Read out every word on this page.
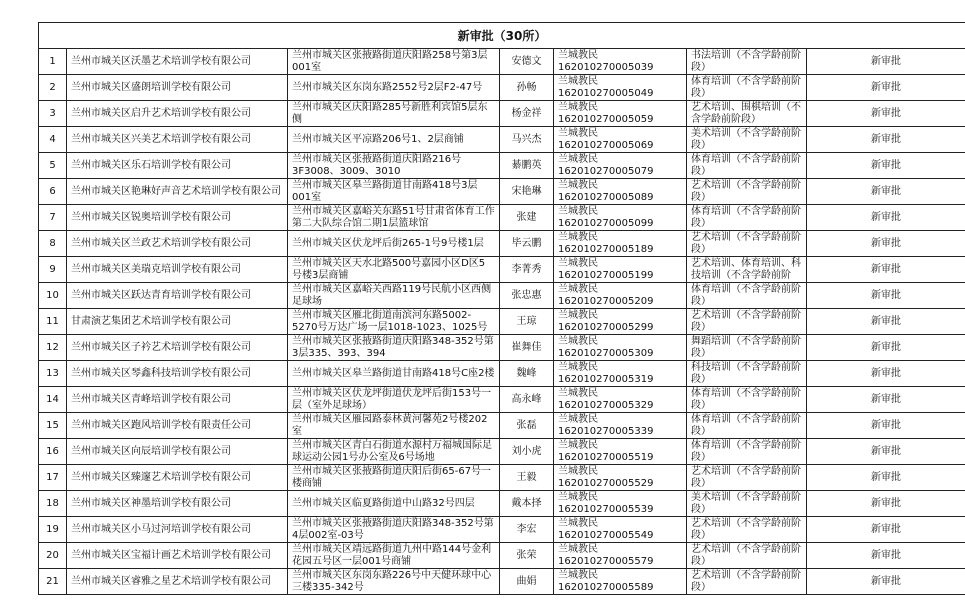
新审批（30所）						
1	兰州市城关区沃墨艺术培训学校有限公司	兰州市城关区张掖路街道庆阳路258号第3层001室	安德文	兰城教民162010270005039	书法培训（不含学龄前阶段）	新审批
2	兰州市城关区盛朗培训学校有限公司	兰州市城关区东岗东路2552号2层F2-47号	孙畅	兰城教民162010270005049	体育培训（不含学龄前阶段）	新审批
3	兰州市城关区启升艺术培训学校有限公司	兰州市城关区庆阳路285号新胜利宾馆5层东侧	杨金祥	兰城教民162010270005059	艺术培训、围棋培训（不含学龄前阶段）	新审批
4	兰州市城关区兴美艺术培训学校有限公司	兰州市城关区平凉路206号1、2层商铺	马兴杰	兰城教民162010270005069	美术培训（不含学龄前阶段）	新审批
5	兰州市城关区乐石培训学校有限公司	兰州市城关区张掖路街道庆阳路216号3F3008、3009、3010	綦鹏英	兰城教民162010270005079	体育培训（不含学龄前阶段）	新审批
6	兰州市城关区艳琳好声音艺术培训学校有限公司	兰州市城关区皋兰路街道甘南路418号3层001室	宋艳琳	兰城教民162010270005089	艺术培训（不含学龄前阶段）	新审批
7	兰州市城关区锐奥培训学校有限公司	兰州市城关区嘉峪关东路51号甘肃省体育工作第二大队综合馆二期1层篮球馆	张建	兰城教民162010270005099	体育培训（不含学龄前阶段）	新审批
8	兰州市城关区兰政艺术培训学校有限公司	兰州市城关区伏龙坪后街265-1号9号楼1层	毕云鹏	兰城教民162010270005189	艺术培训（不含学龄前阶段）	新审批
9	兰州市城关区美瑞克培训学校有限公司	兰州市城关区天水北路500号嘉园小区D区5号楼3层商铺	李菁秀	兰城教民162010270005199	艺术培训、体育培训、科技培训（不含学龄前阶	新审批
10	兰州市城关区跃达青育培训学校有限公司	兰州市城关区嘉峪关西路119号民航小区西侧足球场	张忠惠	兰城教民162010270005209	体育培训（不含学龄前阶段）	新审批
11	甘肃演艺集团艺术培训学校有限公司	兰州市城关区雁北街道南滨河东路5002-5270号万达广场一层1018-1023、1025号	王琼	兰城教民162010270005299	艺术培训（不含学龄前阶段）	新审批
12	兰州市城关区子衿艺术培训学校有限公司	兰州市城关区张掖路街道庆阳路348-352号第3层335、393、394	崔舞佳	兰城教民162010270005309	舞蹈培训（不含学龄前阶段）	新审批
13	兰州市城关区琴鑫科技培训学校有限公司	兰州市城关区皋兰路街道甘南路418号C座2楼	魏峰	兰城教民162010270005319	科技培训（不含学龄前阶段）	新审批
14	兰州市城关区青峰培训学校有限公司	兰州市城关区伏龙坪街道伏龙坪后街153号一层（室外足球场）	高永峰	兰城教民162010270005329	体育培训（不含学龄前阶段）	新审批
15	兰州市城关区跑风培训学校有限责任公司	兰州市城关区雁园路泰林黄河馨苑2号楼202室	张磊	兰城教民162010270005339	体育培训（不含学龄前阶段）	新审批
16	兰州市城关区向辰培训学校有限公司	兰州市城关区青白石街道水源村万福城国际足球运动公园1号办公室及6号场地	刘小虎	兰城教民162010270005519	体育培训（不含学龄前阶段）	新审批
17	兰州市城关区臻邃艺术培训学校有限公司	兰州市城关区张掖路街道庆阳后街65-67号一楼商铺	王毅	兰城教民162010270005529	艺术培训（不含学龄前阶段）	新审批
18	兰州市城关区神墨培训学校有限公司	兰州市城关区临夏路街道中山路32号四层	戴本择	兰城教民162010270005539	美术培训（不含学龄前阶段）	新审批
19	兰州市城关区小马过河培训学校有限公司	兰州市城关区张掖路街道庆阳路348-352号第4层002室-03号	李宏	兰城教民162010270005549	艺术培训（不含学龄前阶段）	新审批
20	兰州市城关区宝福计画艺术培训学校有限公司	兰州市城关区靖远路街道九州中路144号金利花园五号区一层001号商铺	张荣	兰城教民162010270005579	艺术培训（不含学龄前阶段）	新审批
21	兰州市城关区睿雅之星艺术培训学校有限公司	兰州市城关区东岗东路226号中天健环球中心三楼335-342号	曲娟	兰城教民162010270005589	艺术培训（不含学龄前阶段）	新审批
